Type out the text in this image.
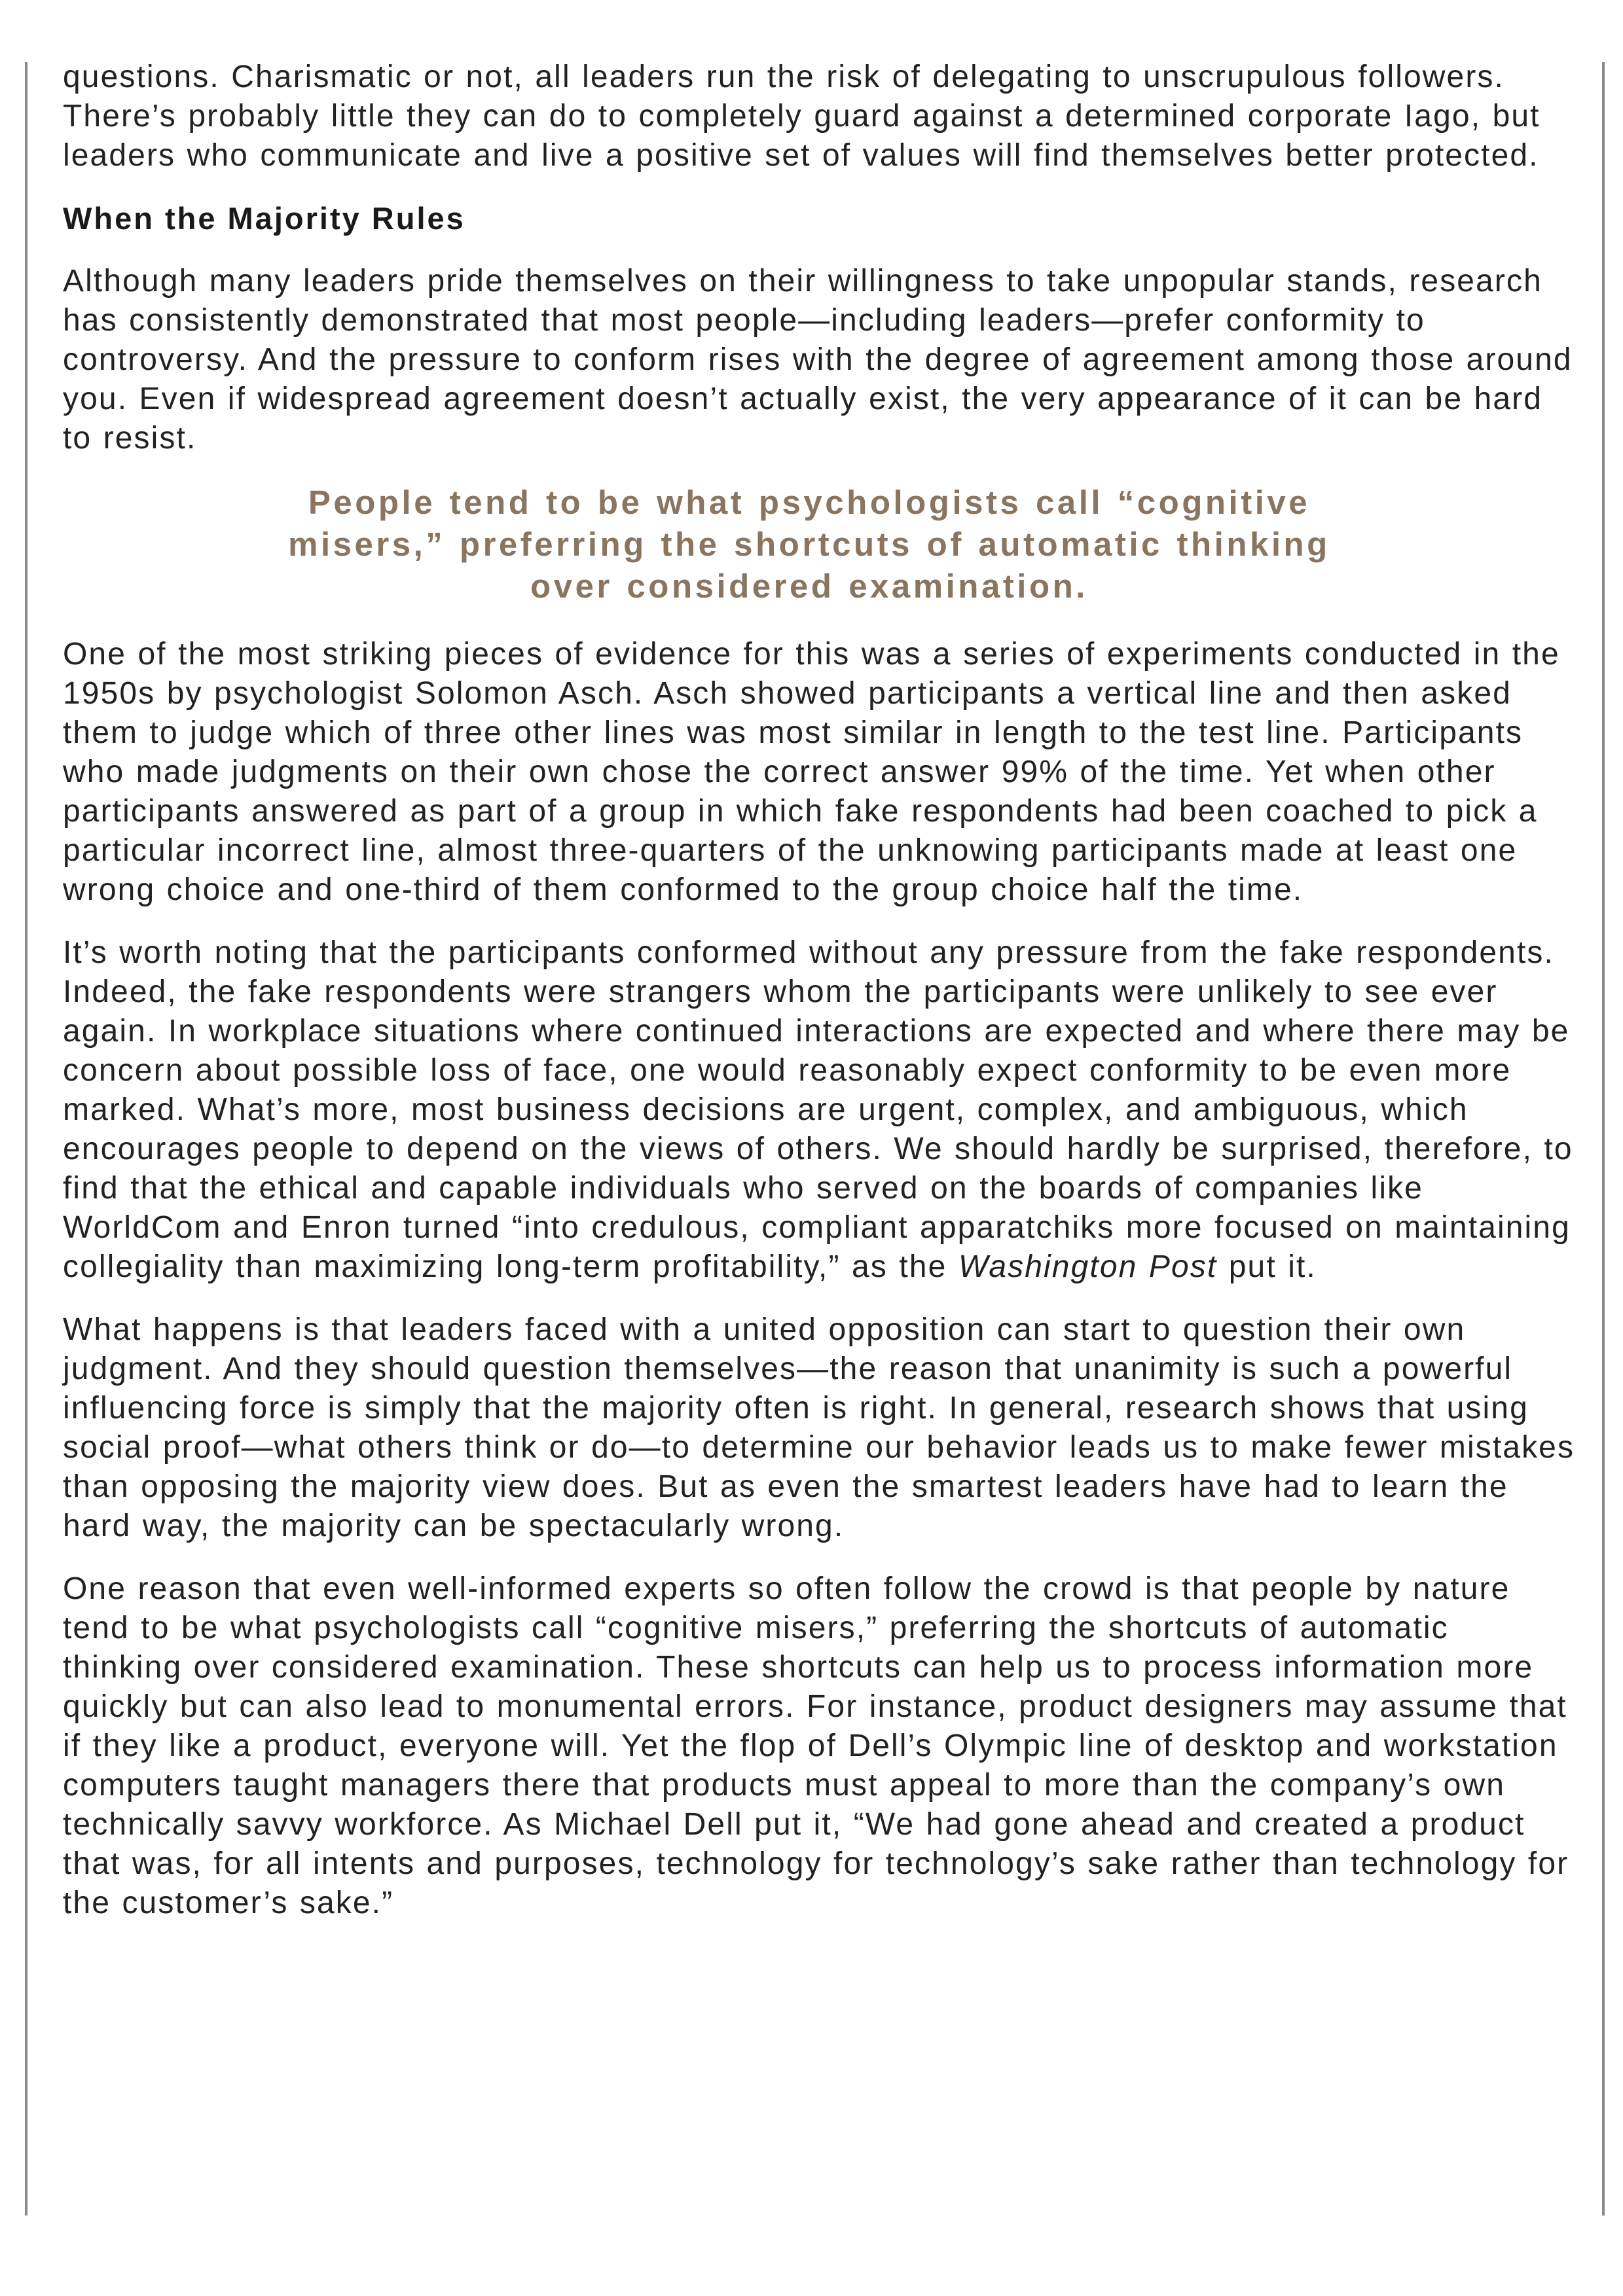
questions. Charismatic or not, all leaders run the risk of delegating to unscrupulous followers. There’s probably little they can do to completely guard against a determined corporate Iago, but leaders who communicate and live a positive set of values will find themselves better protected.

When the Majority Rules

Although many leaders pride themselves on their willingness to take unpopular stands, research has consistently demonstrated that most people—including leaders—prefer conformity to controversy. And the pressure to conform rises with the degree of agreement among those around you. Even if widespread agreement doesn’t actually exist, the very appearance of it can be hard to resist.

People tend to be what psychologists call “cognitive
misers,” preferring the shortcuts of automatic thinking
over considered examination.

One of the most striking pieces of evidence for this was a series of experiments conducted in the 1950s by psychologist Solomon Asch. Asch showed participants a vertical line and then asked them to judge which of three other lines was most similar in length to the test line. Participants who made judgments on their own chose the correct answer 99% of the time. Yet when other participants answered as part of a group in which fake respondents had been coached to pick a particular incorrect line, almost three-quarters of the unknowing participants made at least one wrong choice and one-third of them conformed to the group choice half the time.

It’s worth noting that the participants conformed without any pressure from the fake respondents. Indeed, the fake respondents were strangers whom the participants were unlikely to see ever again. In workplace situations where continued interactions are expected and where there may be concern about possible loss of face, one would reasonably expect conformity to be even more marked. What’s more, most business decisions are urgent, complex, and ambiguous, which encourages people to depend on the views of others. We should hardly be surprised, therefore, to find that the ethical and capable individuals who served on the boards of companies like WorldCom and Enron turned “into credulous, compliant apparatchiks more focused on maintaining collegiality than maximizing long-term profitability,” as the Washington Post put it.

What happens is that leaders faced with a united opposition can start to question their own judgment. And they should question themselves—the reason that unanimity is such a powerful influencing force is simply that the majority often is right. In general, research shows that using social proof—what others think or do—to determine our behavior leads us to make fewer mistakes than opposing the majority view does. But as even the smartest leaders have had to learn the hard way, the majority can be spectacularly wrong.

One reason that even well-informed experts so often follow the crowd is that people by nature tend to be what psychologists call “cognitive misers,” preferring the shortcuts of automatic thinking over considered examination. These shortcuts can help us to process information more quickly but can also lead to monumental errors. For instance, product designers may assume that if they like a product, everyone will. Yet the flop of Dell’s Olympic line of desktop and workstation computers taught managers there that products must appeal to more than the company’s own technically savvy workforce. As Michael Dell put it, “We had gone ahead and created a product that was, for all intents and purposes, technology for technology’s sake rather than technology for the customer’s sake.”
